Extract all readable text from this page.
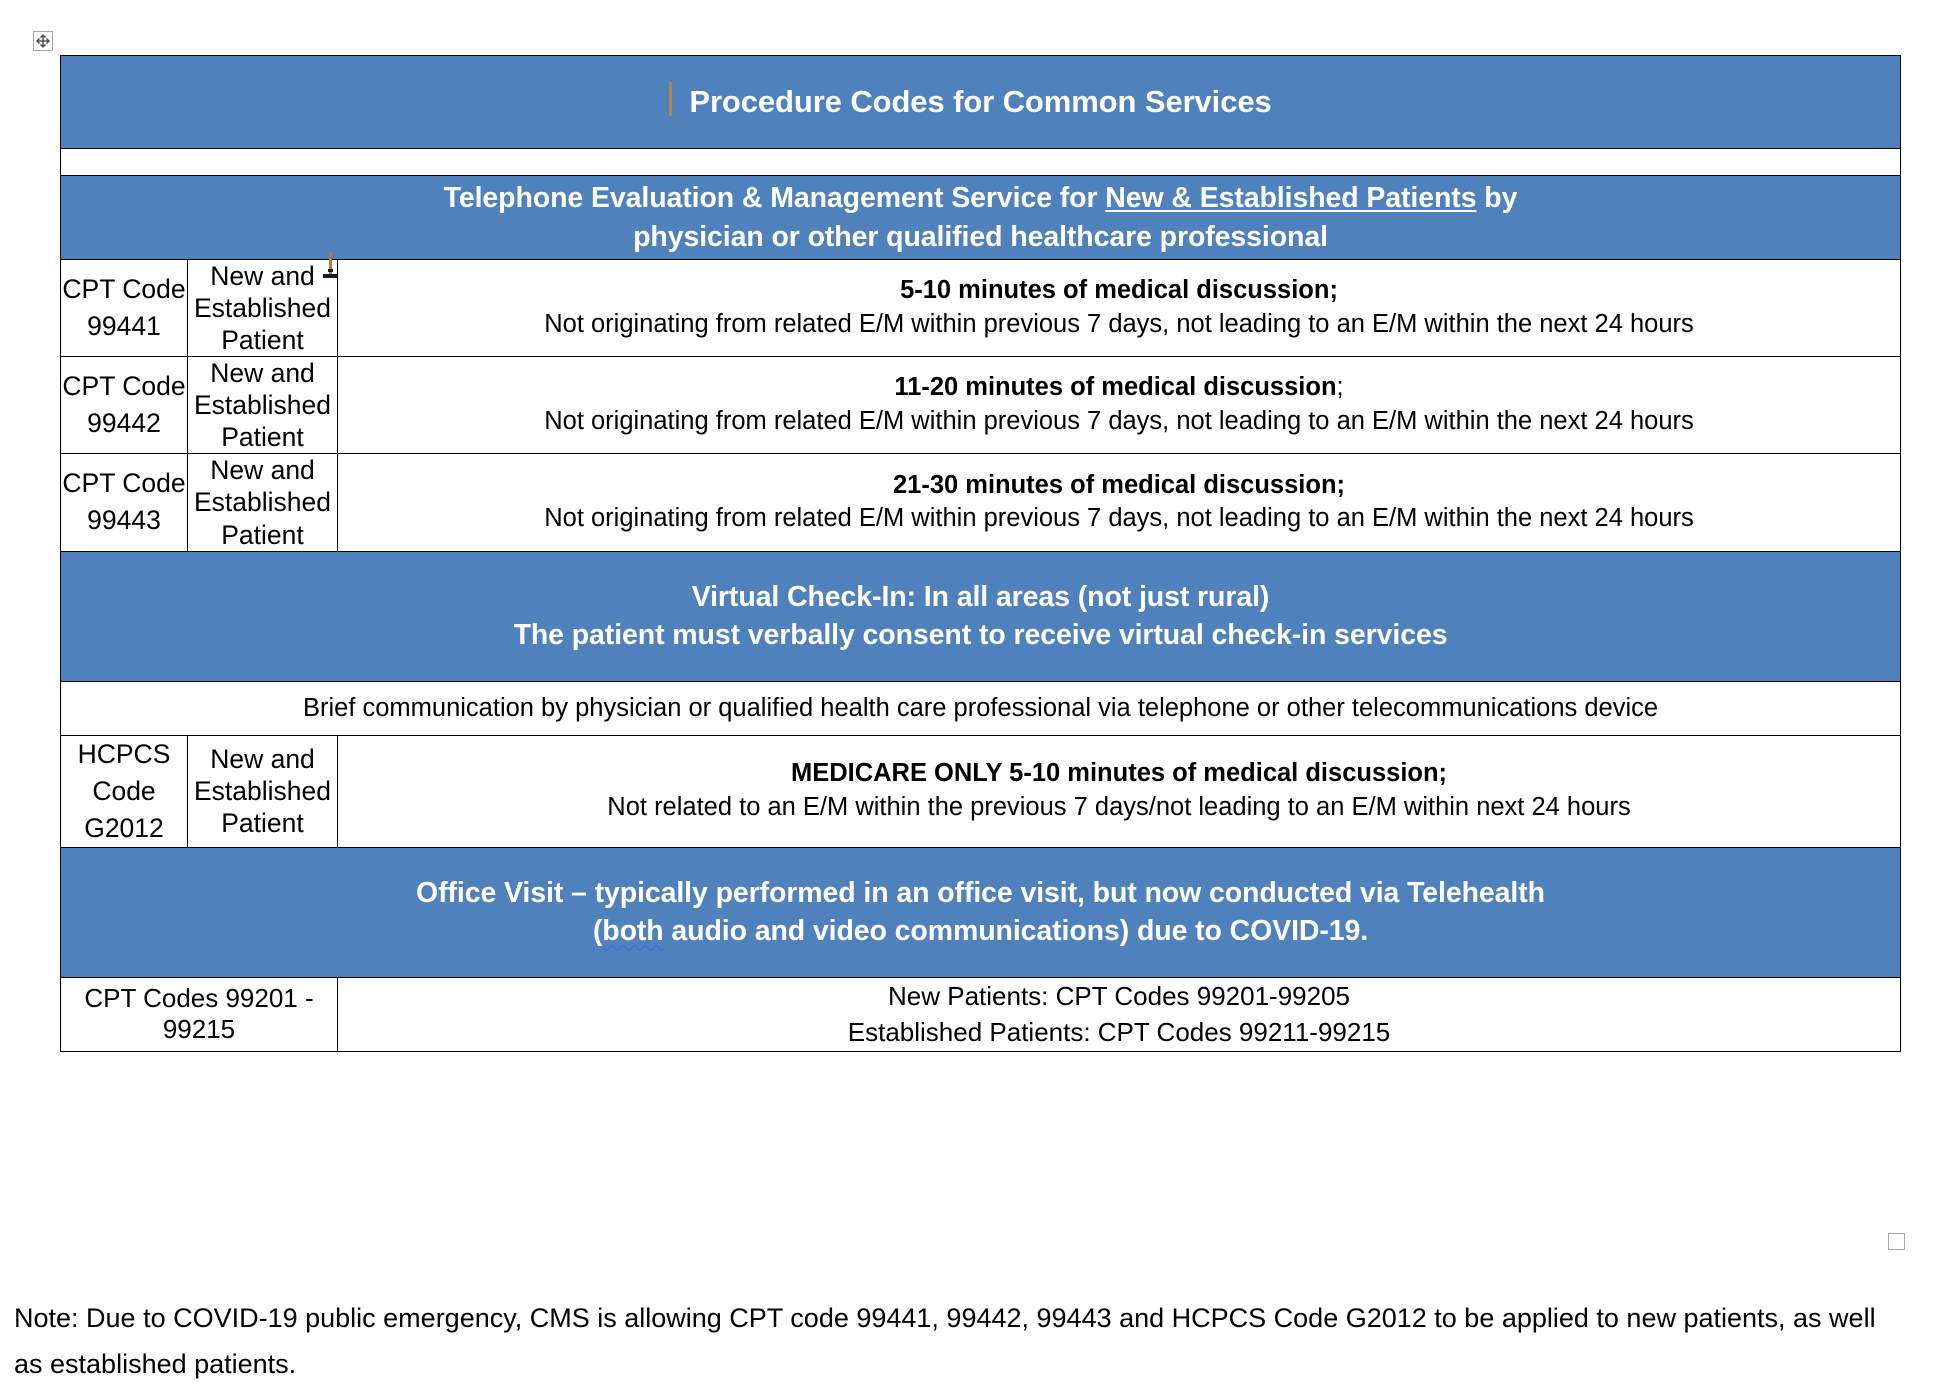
Procedure Codes for Common Services		

Telephone Evaluation & Management Service for New & Established Patients by
physician or other qualified healthcare professional		
CPT Code
99441	New and Established Patient	5-10 minutes of medical discussion;
Not originating from related E/M within previous 7 days, not leading to an E/M within the next 24 hours

CPT Code
99442	New and Established Patient	11-20 minutes of medical discussion;
Not originating from related E/M within previous 7 days, not leading to an E/M within the next 24 hours

CPT Code
99443	New and Established Patient	21-30 minutes of medical discussion;
Not originating from related E/M within previous 7 days, not leading to an E/M within the next 24 hours

Virtual Check-In: In all areas (not just rural)
The patient must verbally consent to receive virtual check-in services		
Brief communication by physician or qualified health care professional via telephone or other telecommunications device		
HCPCS Code
G2012	New and Established Patient	MEDICARE ONLY 5-10 minutes of medical discussion;
Not related to an E/M within the previous 7 days/not leading to an E/M within next 24 hours

Office Visit – typically performed in an office visit, but now conducted via Telehealth
(both audio and video communications) due to COVID-19.		
CPT Codes 99201 - 99215		New Patients: CPT Codes 99201-99205
Established Patients: CPT Codes 99211-99215
Note: Due to COVID-19 public emergency, CMS is allowing CPT code 99441, 99442, 99443 and HCPCS Code G2012 to be applied to new patients, as well as established patients.
